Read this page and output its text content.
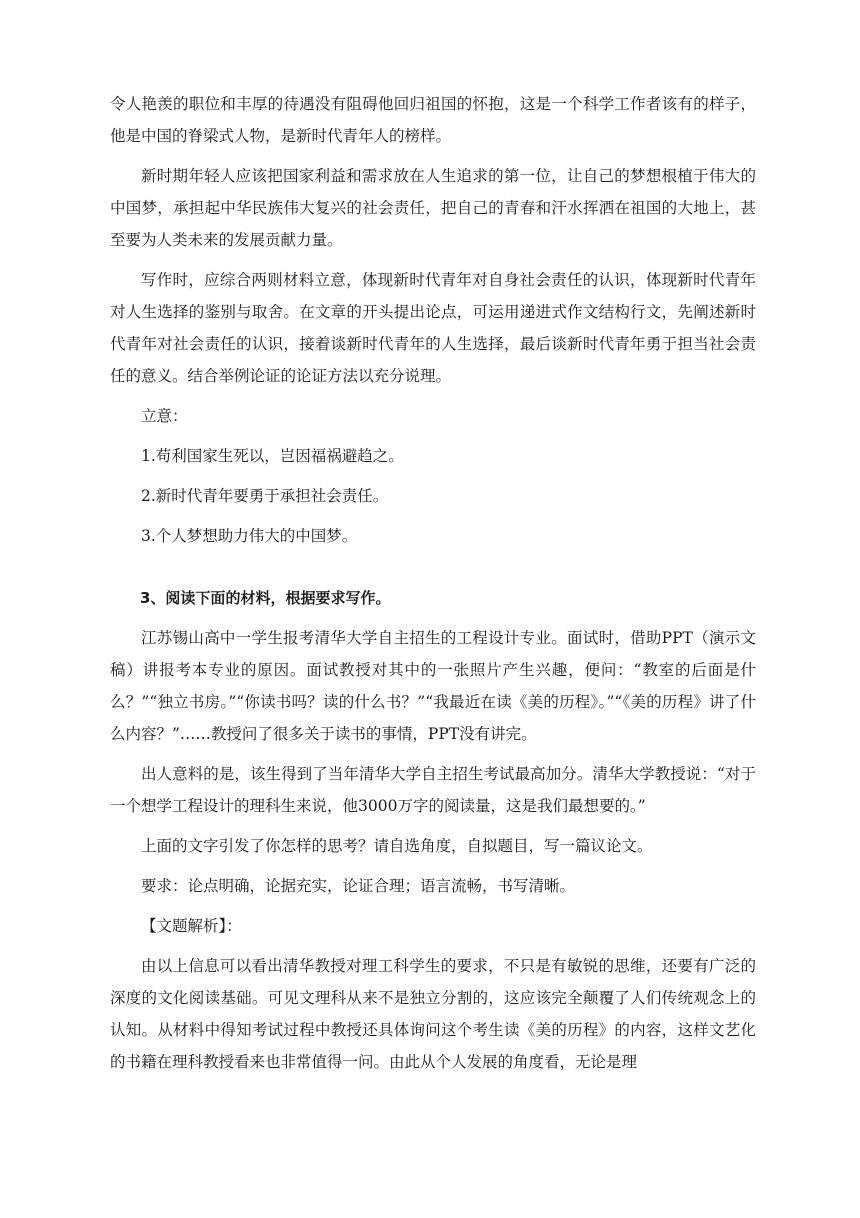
令人艳羡的职位和丰厚的待遇没有阻碍他回归祖国的怀抱，这是一个科学工作者该有的样子，他是中国的脊梁式人物，是新时代青年人的榜样。

新时期年轻人应该把国家利益和需求放在人生追求的第一位，让自己的梦想根植于伟大的中国梦，承担起中华民族伟大复兴的社会责任，把自己的青春和汗水挥洒在祖国的大地上，甚至要为人类未来的发展贡献力量。

写作时，应综合两则材料立意，体现新时代青年对自身社会责任的认识，体现新时代青年对人生选择的鉴别与取舍。在文章的开头提出论点，可运用递进式作文结构行文，先阐述新时代青年对社会责任的认识，接着谈新时代青年的人生选择，最后谈新时代青年勇于担当社会责任的意义。结合举例论证的论证方法以充分说理。

立意：

1.苟利国家生死以，岂因福祸避趋之。

2.新时代青年要勇于承担社会责任。

3.个人梦想助力伟大的中国梦。

3、阅读下面的材料，根据要求写作。

江苏锡山高中一学生报考清华大学自主招生的工程设计专业。面试时，借助PPT（演示文稿）讲报考本专业的原因。面试教授对其中的一张照片产生兴趣，便问：“教室的后面是什么？”“独立书房。”“你读书吗？读的什么书？”“我最近在读《美的历程》。”“《美的历程》讲了什么内容？”……教授问了很多关于读书的事情，PPT没有讲完。

出人意料的是，该生得到了当年清华大学自主招生考试最高加分。清华大学教授说：“对于一个想学工程设计的理科生来说，他3000万字的阅读量，这是我们最想要的。”

上面的文字引发了你怎样的思考？请自选角度，自拟题目，写一篇议论文。

要求：论点明确，论据充实，论证合理；语言流畅，书写清晰。

【文题解析】：

由以上信息可以看出清华教授对理工科学生的要求，不只是有敏锐的思维，还要有广泛的深度的文化阅读基础。可见文理科从来不是独立分割的，这应该完全颠覆了人们传统观念上的认知。从材料中得知考试过程中教授还具体询问这个考生读《美的历程》的内容，这样文艺化的书籍在理科教授看来也非常值得一问。由此从个人发展的角度看，无论是理
